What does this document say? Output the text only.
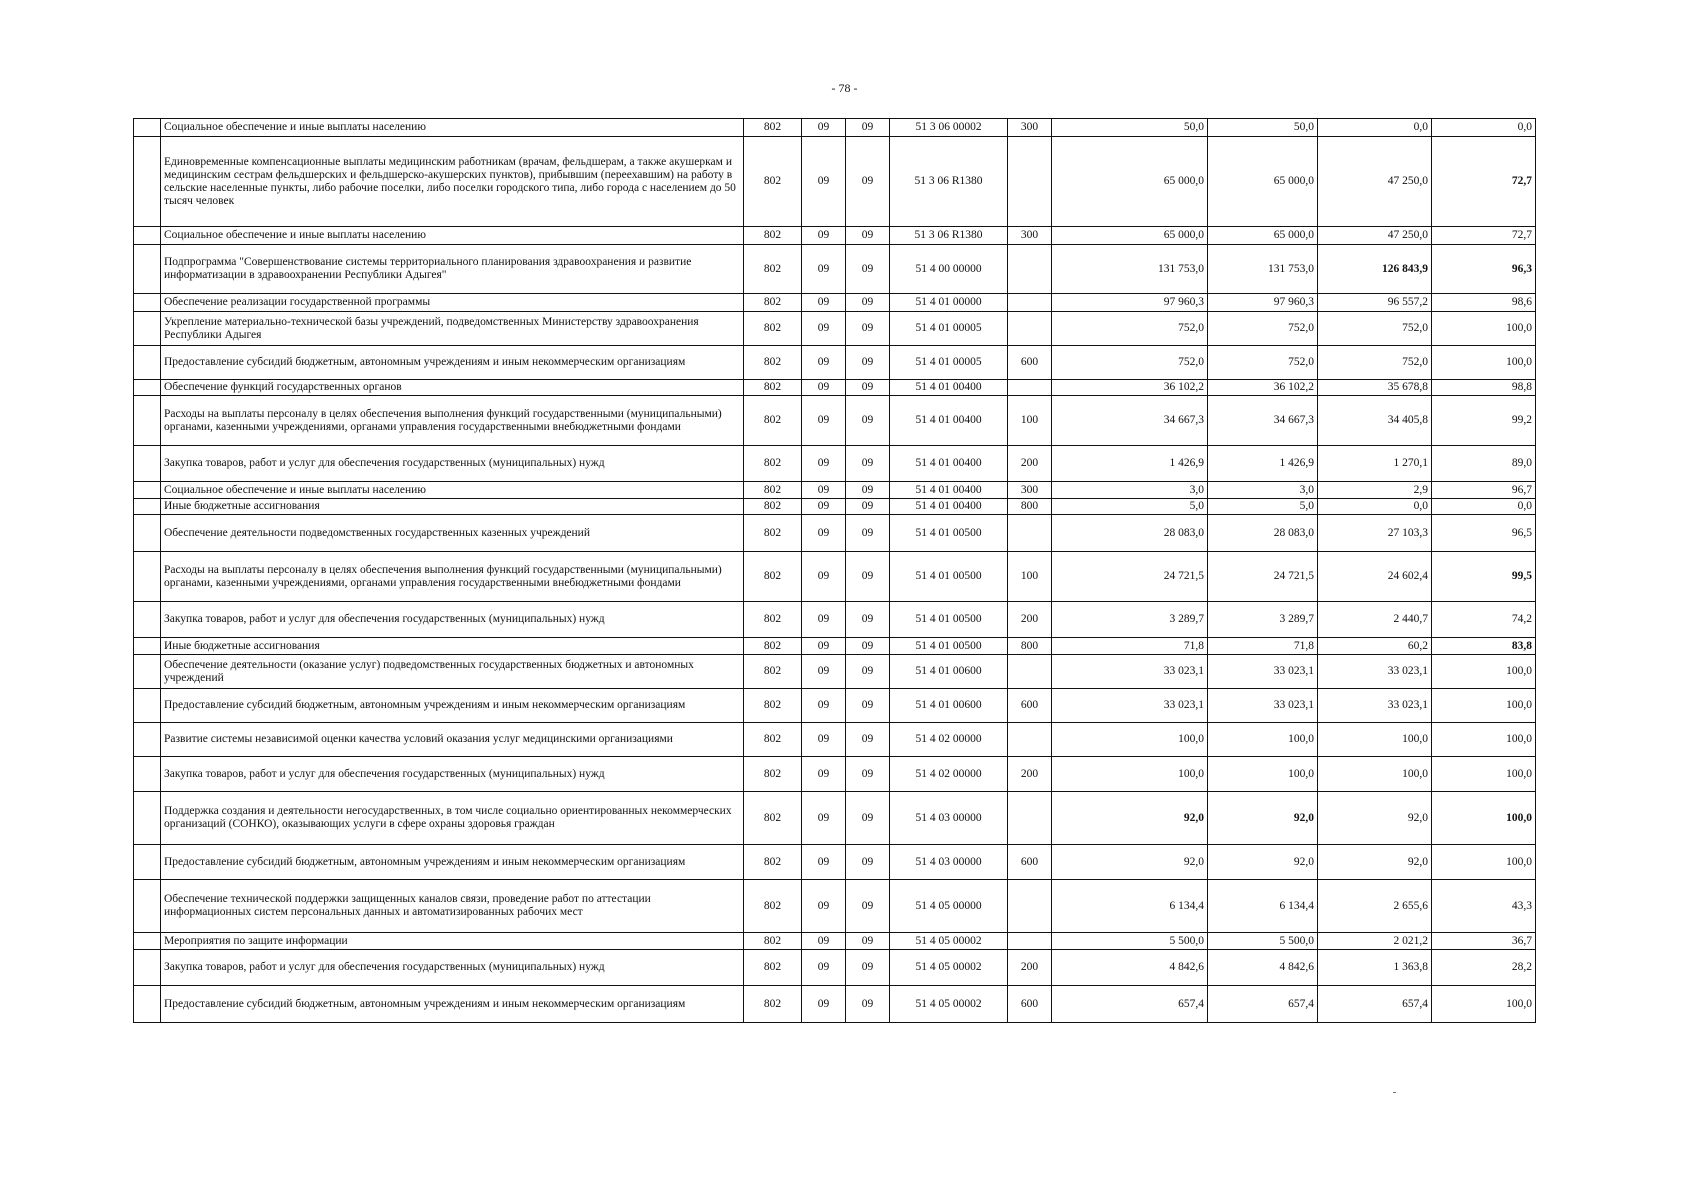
- 78 -
	Социальное обеспечение и иные выплаты населению	802	09	09	51 3 06 00002	300	50,0	50,0	0,0	0,0
	Единовременные компенсационные выплаты медицинским работникам (врачам, фельдшерам, а также акушеркам и медицинским сестрам фельдшерских и фельдшерско-акушерских пунктов), прибывшим (переехавшим) на работу в сельские населенные пункты, либо рабочие поселки, либо поселки городского типа, либо города с населением до 50 тысяч человек	802	09	09	51 3 06 R1380		65 000,0	65 000,0	47 250,0	72,7
	Социальное обеспечение и иные выплаты населению	802	09	09	51 3 06 R1380	300	65 000,0	65 000,0	47 250,0	72,7
	Подпрограмма "Совершенствование системы территориального планирования здравоохранения и развитие информатизации в здравоохранении Республики Адыгея"	802	09	09	51 4 00 00000		131 753,0	131 753,0	126 843,9	96,3
	Обеспечение реализации государственной программы	802	09	09	51 4 01 00000		97 960,3	97 960,3	96 557,2	98,6
	Укрепление материально-технической базы учреждений, подведомственных Министерству здравоохранения Республики Адыгея	802	09	09	51 4 01 00005		752,0	752,0	752,0	100,0
	Предоставление субсидий бюджетным, автономным учреждениям и иным некоммерческим организациям	802	09	09	51 4 01 00005	600	752,0	752,0	752,0	100,0
	Обеспечение функций государственных органов	802	09	09	51 4 01 00400		36 102,2	36 102,2	35 678,8	98,8
	Расходы на выплаты персоналу в целях обеспечения выполнения функций государственными (муниципальными) органами, казенными учреждениями, органами управления государственными внебюджетными фондами	802	09	09	51 4 01 00400	100	34 667,3	34 667,3	34 405,8	99,2
	Закупка товаров, работ и услуг для обеспечения государственных (муниципальных) нужд	802	09	09	51 4 01 00400	200	1 426,9	1 426,9	1 270,1	89,0
	Социальное обеспечение и иные выплаты населению	802	09	09	51 4 01 00400	300	3,0	3,0	2,9	96,7
	Иные бюджетные ассигнования	802	09	09	51 4 01 00400	800	5,0	5,0	0,0	0,0
	Обеспечение деятельности подведомственных государственных казенных учреждений	802	09	09	51 4 01 00500		28 083,0	28 083,0	27 103,3	96,5
	Расходы на выплаты персоналу в целях обеспечения выполнения функций государственными (муниципальными) органами, казенными учреждениями, органами управления государственными внебюджетными фондами	802	09	09	51 4 01 00500	100	24 721,5	24 721,5	24 602,4	99,5
	Закупка товаров, работ и услуг для обеспечения государственных (муниципальных) нужд	802	09	09	51 4 01 00500	200	3 289,7	3 289,7	2 440,7	74,2
	Иные бюджетные ассигнования	802	09	09	51 4 01 00500	800	71,8	71,8	60,2	83,8
	Обеспечение деятельности (оказание услуг) подведомственных государственных бюджетных и автономных учреждений	802	09	09	51 4 01 00600		33 023,1	33 023,1	33 023,1	100,0
	Предоставление субсидий бюджетным, автономным учреждениям и иным некоммерческим организациям	802	09	09	51 4 01 00600	600	33 023,1	33 023,1	33 023,1	100,0
	Развитие системы независимой оценки качества условий оказания услуг медицинскими организациями	802	09	09	51 4 02 00000		100,0	100,0	100,0	100,0
	Закупка товаров, работ и услуг для обеспечения государственных (муниципальных) нужд	802	09	09	51 4 02 00000	200	100,0	100,0	100,0	100,0
	Поддержка создания и деятельности негосударственных, в том числе социально ориентированных некоммерческих организаций (СОНКО), оказывающих услуги в сфере охраны здоровья граждан	802	09	09	51 4 03 00000		92,0	92,0	92,0	100,0
	Предоставление субсидий бюджетным, автономным учреждениям и иным некоммерческим организациям	802	09	09	51 4 03 00000	600	92,0	92,0	92,0	100,0
	Обеспечение технической поддержки защищенных каналов связи, проведение работ по аттестации информационных систем персональных данных и автоматизированных рабочих мест	802	09	09	51 4 05 00000		6 134,4	6 134,4	2 655,6	43,3
	Мероприятия по защите информации	802	09	09	51 4 05 00002		5 500,0	5 500,0	2 021,2	36,7
	Закупка товаров, работ и услуг для обеспечения государственных (муниципальных) нужд	802	09	09	51 4 05 00002	200	4 842,6	4 842,6	1 363,8	28,2
	Предоставление субсидий бюджетным, автономным учреждениям и иным некоммерческим организациям	802	09	09	51 4 05 00002	600	657,4	657,4	657,4	100,0
